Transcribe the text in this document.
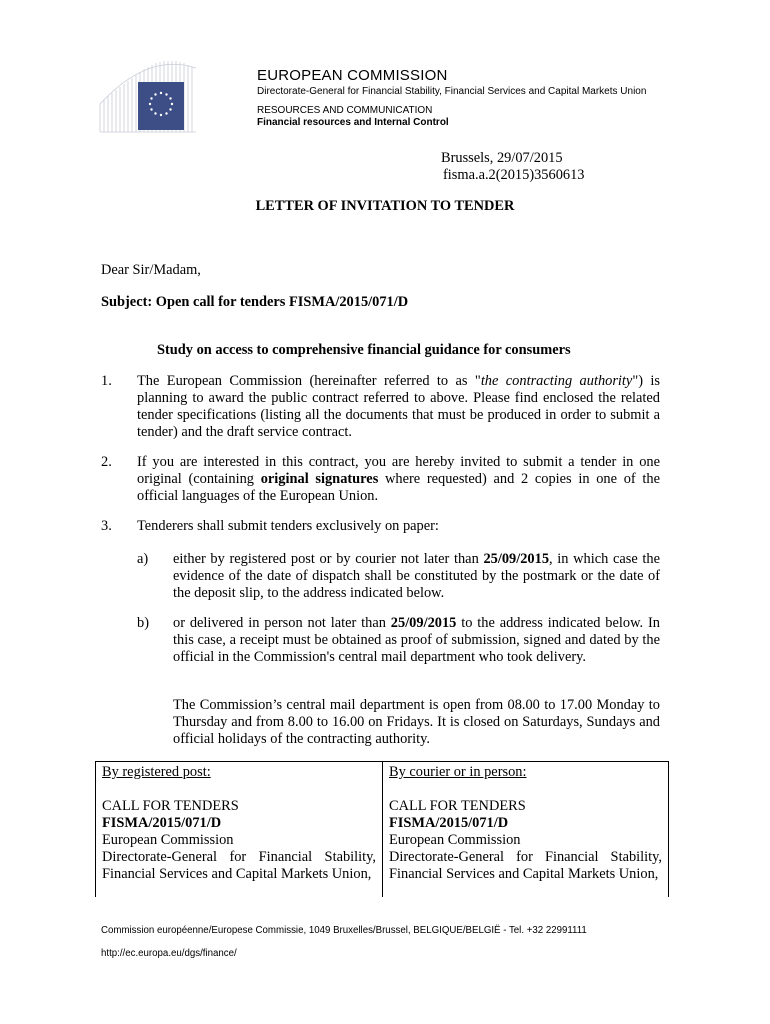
EUROPEAN COMMISSION
Directorate-General for Financial Stability, Financial Services and Capital Markets Union
RESOURCES AND COMMUNICATION
Financial resources and Internal Control
Brussels, 29/07/2015
fisma.a.2(2015)3560613
LETTER OF INVITATION TO TENDER
Dear Sir/Madam,
Subject: Open call for tenders FISMA/2015/071/D
Study on access to comprehensive financial guidance for consumers
1. The European Commission (hereinafter referred to as "the contracting authority") is planning to award the public contract referred to above. Please find enclosed the related tender specifications (listing all the documents that must be produced in order to submit a tender) and the draft service contract.
2. If you are interested in this contract, you are hereby invited to submit a tender in one original (containing original signatures where requested) and 2 copies in one of the official languages of the European Union.
3. Tenderers shall submit tenders exclusively on paper:
a) either by registered post or by courier not later than 25/09/2015, in which case the evidence of the date of dispatch shall be constituted by the postmark or the date of the deposit slip, to the address indicated below.
b) or delivered in person not later than 25/09/2015 to the address indicated below. In this case, a receipt must be obtained as proof of submission, signed and dated by the official in the Commission's central mail department who took delivery.
The Commission’s central mail department is open from 08.00 to 17.00 Monday to Thursday and from 8.00 to 16.00 on Fridays. It is closed on Saturdays, Sundays and official holidays of the contracting authority.
By registered post:
CALL FOR TENDERS
FISMA/2015/071/D
European Commission
Directorate-General for Financial Stability, Financial Services and Capital Markets Union,
By courier or in person:
CALL FOR TENDERS
FISMA/2015/071/D
European Commission
Directorate-General for Financial Stability, Financial Services and Capital Markets Union,
Commission européenne/Europese Commissie, 1049 Bruxelles/Brussel, BELGIQUE/BELGIË - Tel. +32 22991111
http://ec.europa.eu/dgs/finance/
